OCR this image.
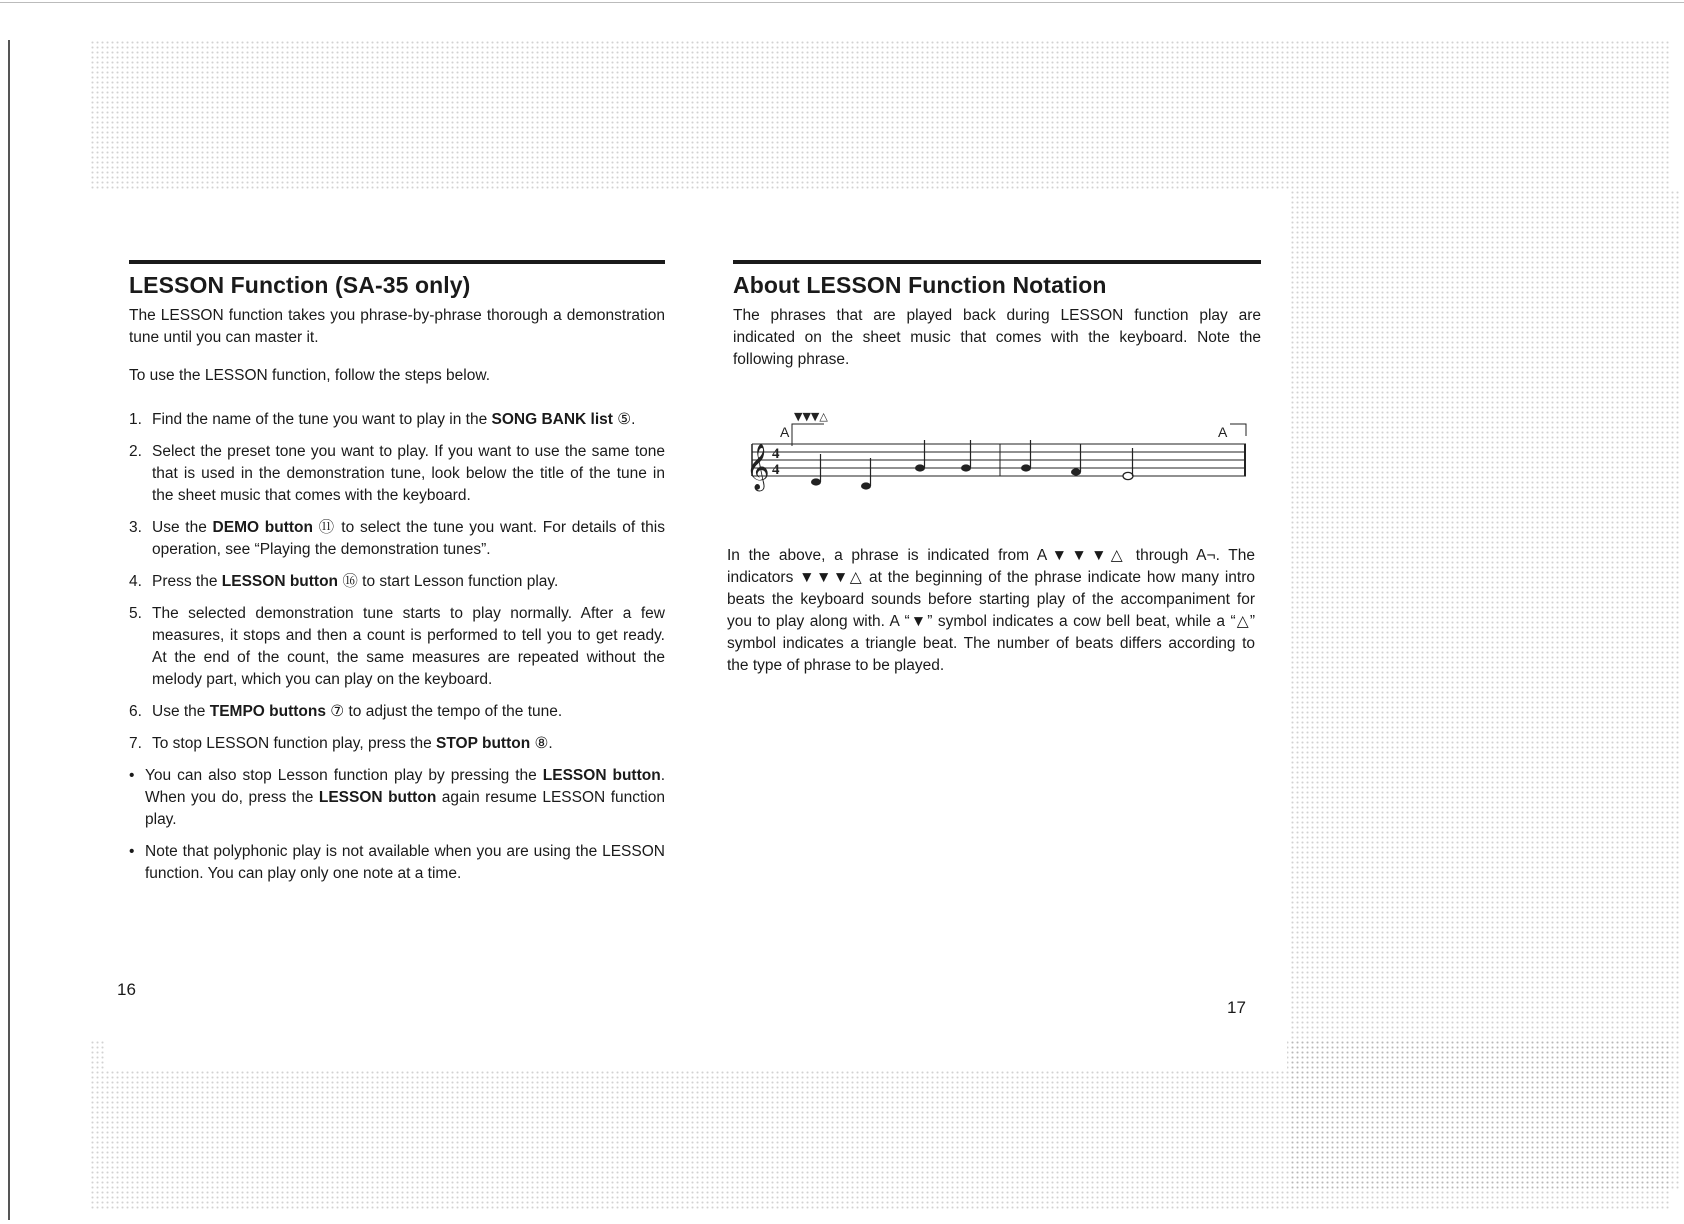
LESSON Function (SA-35 only)

The LESSON function takes you phrase-by-phrase thorough a demonstration tune until you can master it.

To use the LESSON function, follow the steps below.

1. Find the name of the tune you want to play in the SONG BANK list ⑤.
2. Select the preset tone you want to play. If you want to use the same tone that is used in the demonstration tune, look below the title of the tune in the sheet music that comes with the keyboard.
3. Use the DEMO button ⑪ to select the tune you want. For details of this operation, see “Playing the demonstration tunes”.
4. Press the LESSON button ⑯ to start Lesson function play.
5. The selected demonstration tune starts to play normally. After a few measures, it stops and then a count is performed to tell you to get ready. At the end of the count, the same measures are repeated without the melody part, which you can play on the keyboard.
6. Use the TEMPO buttons ⑦ to adjust the tempo of the tune.
7. To stop LESSON function play, press the STOP button ⑧.
• You can also stop Lesson function play by pressing the LESSON button. When you do, press the LESSON button again resume LESSON function play.
• Note that polyphonic play is not available when you are using the LESSON function. You can play only one note at a time.
About LESSON Function Notation

The phrases that are played back during LESSON function play are indicated on the sheet music that comes with the keyboard. Note the following phrase.

In the above, a phrase is indicated from A▼▼▼△ through A¬. The indicators ▼▼▼△ at the beginning of the phrase indicate how many intro beats the keyboard sounds before starting play of the accompaniment for you to play along with. A “▼” symbol indicates a cow bell beat, while a “△” symbol indicates a triangle beat. The number of beats differs according to the type of phrase to be played.

16
17
𝄞 4
4
A
▼▼▼△
A
